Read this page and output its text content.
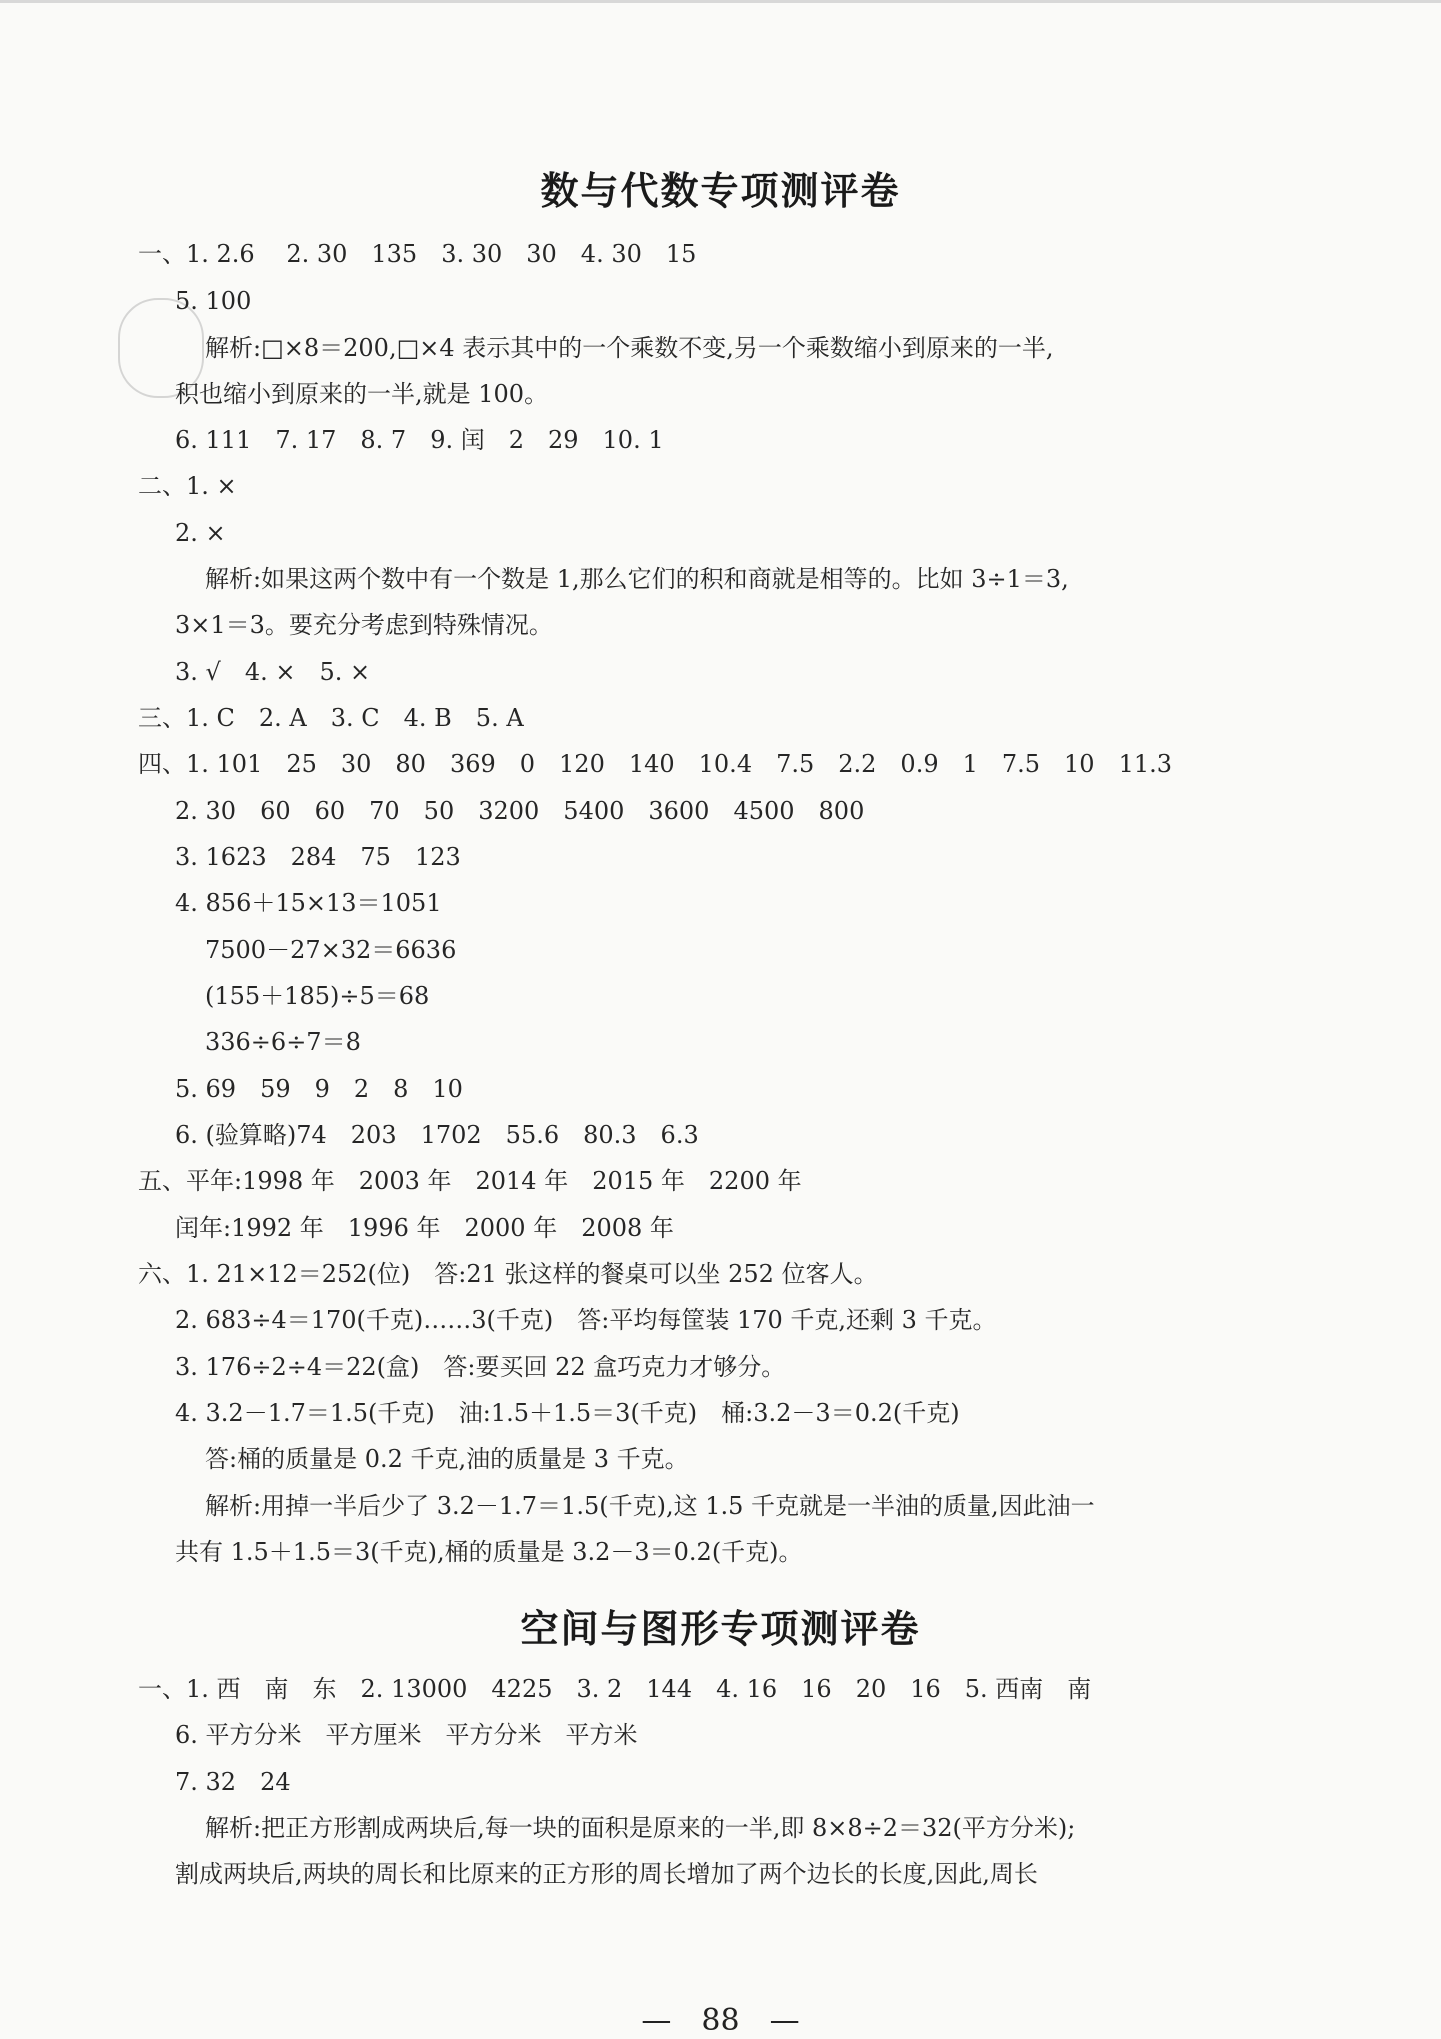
数与代数专项测评卷
一、1. 2.6　 2. 30　135　3. 30　30　4. 30　15
5. 100
解析:□×8＝200,□×4 表示其中的一个乘数不变,另一个乘数缩小到原来的一半,
积也缩小到原来的一半,就是 100。
6. 111　7. 17　8. 7　9. 闰　2　29　10. 1
二、1. ×
2. ×
解析:如果这两个数中有一个数是 1,那么它们的积和商就是相等的。比如 3÷1＝3,
3×1＝3。要充分考虑到特殊情况。
3. √　4. ×　5. ×
三、1. C　2. A　3. C　4. B　5. A
四、1. 101　25　30　80　369　0　120　140　10.4　7.5　2.2　0.9　1　7.5　10　11.3
2. 30　60　60　70　50　3200　5400　3600　4500　800
3. 1623　284　75　123
4. 856＋15×13＝1051
7500－27×32＝6636
(155＋185)÷5＝68
336÷6÷7＝8
5. 69　59　9　2　8　10
6. (验算略)74　203　1702　55.6　80.3　6.3
五、平年:1998 年　2003 年　2014 年　2015 年　2200 年
闰年:1992 年　1996 年　2000 年　2008 年
六、1. 21×12＝252(位)　答:21 张这样的餐桌可以坐 252 位客人。
2. 683÷4＝170(千克)……3(千克)　答:平均每筐装 170 千克,还剩 3 千克。
3. 176÷2÷4＝22(盒)　答:要买回 22 盒巧克力才够分。
4. 3.2－1.7＝1.5(千克)　油:1.5＋1.5＝3(千克)　桶:3.2－3＝0.2(千克)
答:桶的质量是 0.2 千克,油的质量是 3 千克。
解析:用掉一半后少了 3.2－1.7＝1.5(千克),这 1.5 千克就是一半油的质量,因此油一
共有 1.5＋1.5＝3(千克),桶的质量是 3.2－3＝0.2(千克)。
空间与图形专项测评卷
一、1. 西　南　东　2. 13000　4225　3. 2　144　4. 16　16　20　16　5. 西南　南
6. 平方分米　平方厘米　平方分米　平方米
7. 32　24
解析:把正方形割成两块后,每一块的面积是原来的一半,即 8×8÷2＝32(平方分米);
割成两块后,两块的周长和比原来的正方形的周长增加了两个边长的长度,因此,周长
—　88　—
